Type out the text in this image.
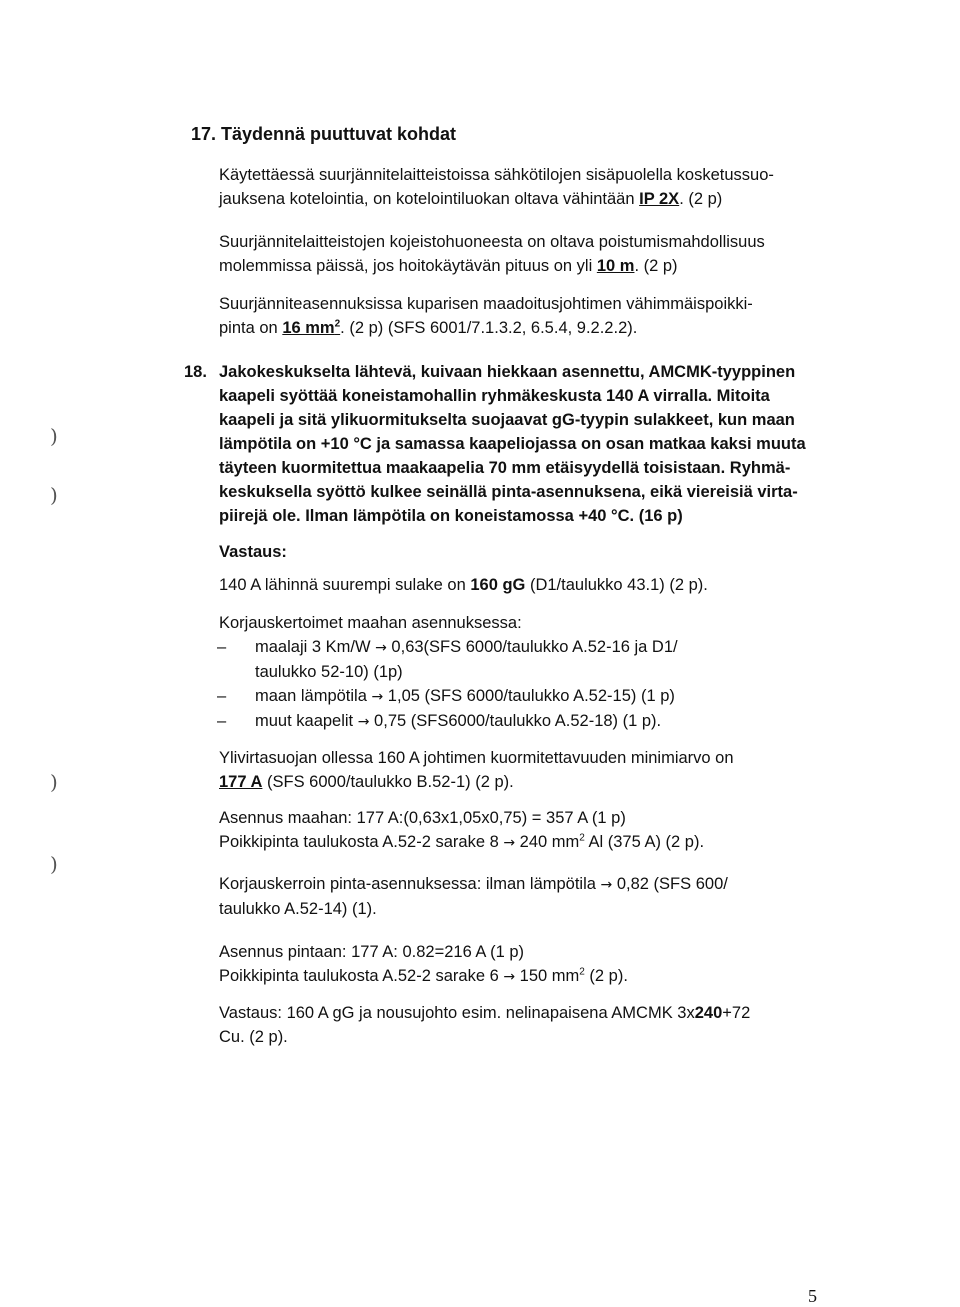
17. Täydennä puuttuvat kohdat
Käytettäessä suurjännitelaitteistoissa sähkötilojen sisäpuolella kosketussuo-
jauksena kotelointia, on kotelointiluokan oltava vähintään IP 2X. (2 p)
Suurjännitelaitteistojen kojeistohuoneesta on oltava poistumismahdollisuus
molemmissa päissä, jos hoitokäytävän pituus on yli 10 m. (2 p)
Suurjänniteasennuksissa kuparisen maadoitusjohtimen vähimmäispoikki-
pinta on 16 $mm^2$. (2 p) (SFS 6001/7.1.3.2, 6.5.4, 9.2.2.2).
18. Jakokeskukselta lähtevä, kuivaan hiekkaan asennettu, AMCMK-tyyppinen
kaapeli syöttää koneistamohallin ryhmäkeskusta 140 A virralla. Mitoita
kaapeli ja sitä ylikuormitukselta suojaavat gG-tyypin sulakkeet, kun maan
lämpötila on +10 °C ja samassa kaapeliojassa on osan matkaa kaksi muuta
täyteen kuormitettua maakaapelia 70 mm etäisyydellä toisistaan. Ryhmä-
keskuksella syöttö kulkee seinällä pinta-asennuksena, eikä viereisiä virta-
piirejä ole. Ilman lämpötila on koneistamossa +40 °C. (16 p)
Vastaus:
140 A lähinnä suurempi sulake on 160 gG (D1/taulukko 43.1) (2 p).
Korjauskertoimet maahan asennuksessa:
– maalaji 3 Km/W → 0,63(SFS 6000/taulukko A.52-16 ja D1/
taulukko 52-10) (1p)
– maan lämpötila → 1,05 (SFS 6000/taulukko A.52-15) (1 p)
– muut kaapelit → 0,75 (SFS6000/taulukko A.52-18) (1 p).
Ylivirtasuojan ollessa 160 A johtimen kuormitettavuuden minimiarvo on
177 A (SFS 6000/taulukko B.52-1) (2 p).
Asennus maahan: 177 A:(0,63x1,05x0,75) = 357 A (1 p)
Poikkipinta taulukosta A.52-2 sarake 8 → 240 $mm^2$ Al (375 A) (2 p).
Korjauskerroin pinta-asennuksessa: ilman lämpötila → 0,82 (SFS 600/
taulukko A.52-14) (1).
Asennus pintaan: 177 A: 0.82=216 A (1 p)
Poikkipinta taulukosta A.52-2 sarake 6 → 150 $mm^2$ (2 p).
Vastaus: 160 A gG ja nousujohto esim. nelinapaisena AMCMK 3x240+72
Cu. (2 p).
)
)
)
)
5
